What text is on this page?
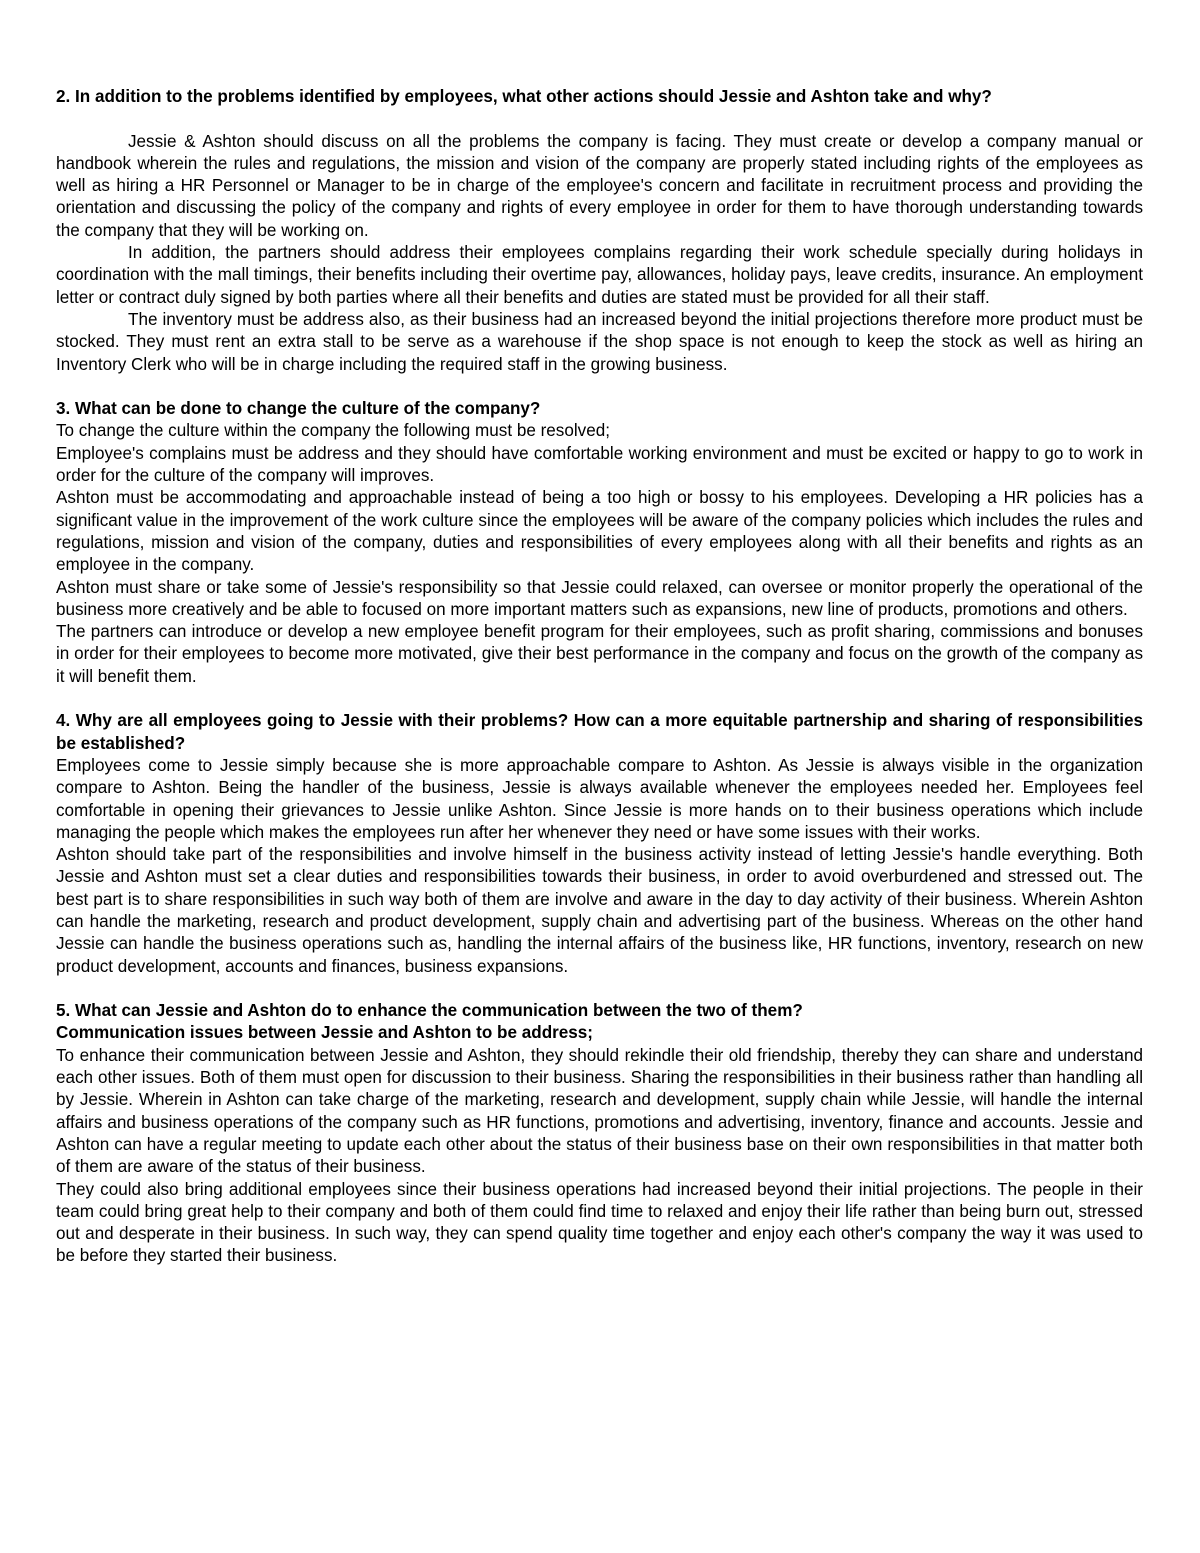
2. In addition to the problems identified by employees, what other actions should Jessie and Ashton take and why?

Jessie & Ashton should discuss on all the problems the company is facing. They must create or develop a company manual or handbook wherein the rules and regulations, the mission and vision of the company are properly stated including rights of the employees as well as hiring a HR Personnel or Manager to be in charge of the employee's concern and facilitate in recruitment process and providing the orientation and discussing the policy of the company and rights of every employee in order for them to have thorough understanding towards the company that they will be working on.

In addition, the partners should address their employees complains regarding their work schedule specially during holidays in coordination with the mall timings, their benefits including their overtime pay, allowances, holiday pays, leave credits, insurance. An employment letter or contract duly signed by both parties where all their benefits and duties are stated must be provided for all their staff.

The inventory must be address also, as their business had an increased beyond the initial projections therefore more product must be stocked. They must rent an extra stall to be serve as a warehouse if the shop space is not enough to keep the stock as well as hiring an Inventory Clerk who will be in charge including the required staff in the growing business.

3. What can be done to change the culture of the company?

To change the culture within the company the following must be resolved;

Employee's complains must be address and they should have comfortable working environment and must be excited or happy to go to work in order for the culture of the company will improves.

Ashton must be accommodating and approachable instead of being a too high or bossy to his employees. Developing a HR policies has a significant value in the improvement of the work culture since the employees will be aware of the company policies which includes the rules and regulations, mission and vision of the company, duties and responsibilities of every employees along with all their benefits and rights as an employee in the company.

Ashton must share or take some of Jessie's responsibility so that Jessie could relaxed, can oversee or monitor properly the operational of the business more creatively and be able to focused on more important matters such as expansions, new line of products, promotions and others.

The partners can introduce or develop a new employee benefit program for their employees, such as profit sharing, commissions and bonuses in order for their employees to become more motivated, give their best performance in the company and focus on the growth of the company as it will benefit them.

4. Why are all employees going to Jessie with their problems? How can a more equitable partnership and sharing of responsibilities be established?

Employees come to Jessie simply because she is more approachable compare to Ashton. As Jessie is always visible in the organization compare to Ashton. Being the handler of the business, Jessie is always available whenever the employees needed her. Employees feel comfortable in opening their grievances to Jessie unlike Ashton. Since Jessie is more hands on to their business operations which include managing the people which makes the employees run after her whenever they need or have some issues with their works.

Ashton should take part of the responsibilities and involve himself in the business activity instead of letting Jessie's handle everything. Both Jessie and Ashton must set a clear duties and responsibilities towards their business, in order to avoid overburdened and stressed out. The best part is to share responsibilities in such way both of them are involve and aware in the day to day activity of their business. Wherein Ashton can handle the marketing, research and product development, supply chain and advertising part of the business. Whereas on the other hand Jessie can handle the business operations such as, handling the internal affairs of the business like, HR functions, inventory, research on new product development, accounts and finances, business expansions.

5. What can Jessie and Ashton do to enhance the communication between the two of them?

Communication issues between Jessie and Ashton to be address;

To enhance their communication between Jessie and Ashton, they should rekindle their old friendship, thereby they can share and understand each other issues. Both of them must open for discussion to their business. Sharing the responsibilities in their business rather than handling all by Jessie. Wherein in Ashton can take charge of the marketing, research and development, supply chain while Jessie, will handle the internal affairs and business operations of the company such as HR functions, promotions and advertising, inventory, finance and accounts. Jessie and Ashton can have a regular meeting to update each other about the status of their business base on their own responsibilities in that matter both of them are aware of the status of their business.

They could also bring additional employees since their business operations had increased beyond their initial projections. The people in their team could bring great help to their company and both of them could find time to relaxed and enjoy their life rather than being burn out, stressed out and desperate in their business. In such way, they can spend quality time together and enjoy each other's company the way it was used to be before they started their business.
